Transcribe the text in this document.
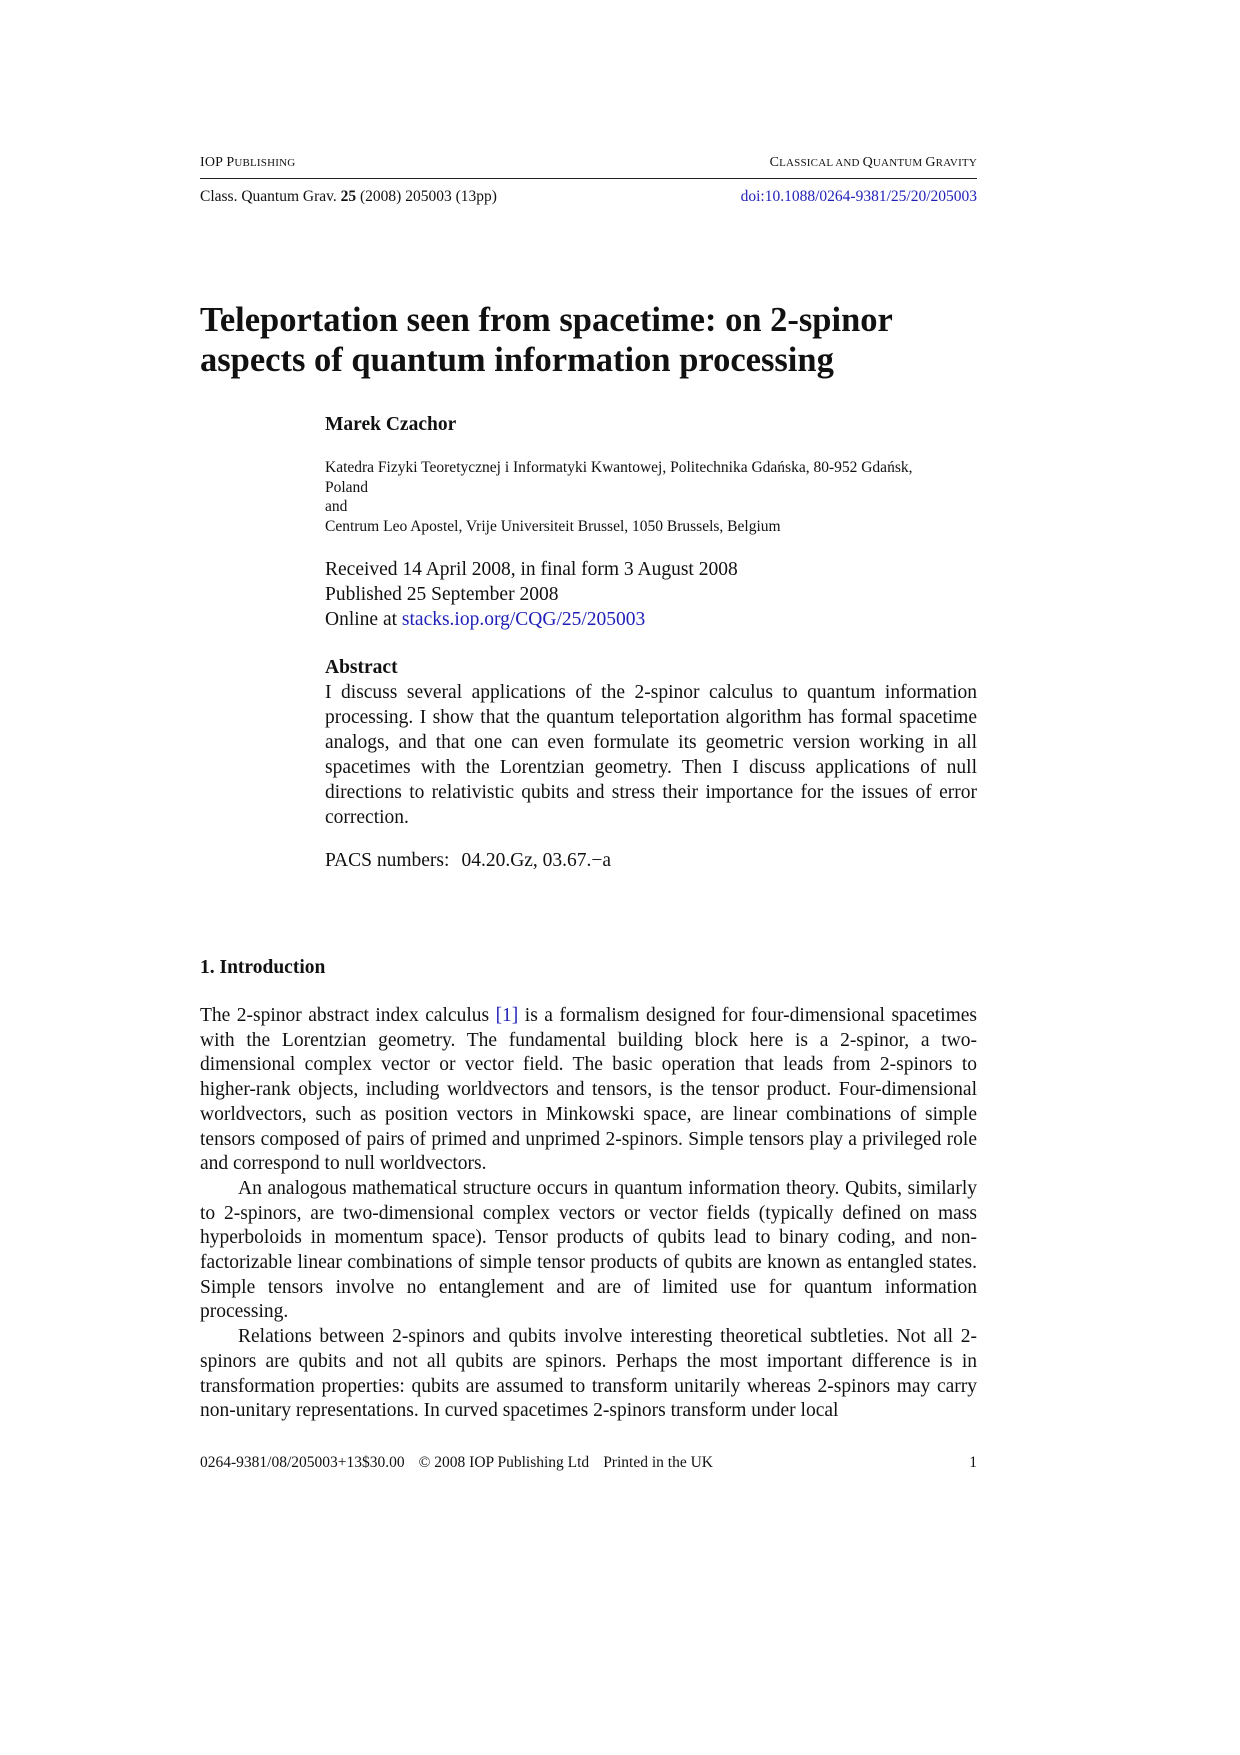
IOP PUBLISHING	CLASSICAL AND QUANTUM GRAVITY
Class. Quantum Grav. 25 (2008) 205003 (13pp)	doi:10.1088/0264-9381/25/20/205003
Teleportation seen from spacetime: on 2-spinor
aspects of quantum information processing
Marek Czachor
Katedra Fizyki Teoretycznej i Informatyki Kwantowej, Politechnika Gdańska, 80-952 Gdańsk,
Poland
and
Centrum Leo Apostel, Vrije Universiteit Brussel, 1050 Brussels, Belgium
Received 14 April 2008, in final form 3 August 2008
Published 25 September 2008
Online at stacks.iop.org/CQG/25/205003
Abstract

I discuss several applications of the 2-spinor calculus to quantum information processing. I show that the quantum teleportation algorithm has formal spacetime analogs, and that one can even formulate its geometric version working in all spacetimes with the Lorentzian geometry. Then I discuss applications of null directions to relativistic qubits and stress their importance for the issues of error correction.

PACS numbers: 04.20.Gz, 03.67.−a
1. Introduction

The 2-spinor abstract index calculus [1] is a formalism designed for four-dimensional spacetimes with the Lorentzian geometry. The fundamental building block here is a 2-spinor, a two-dimensional complex vector or vector field. The basic operation that leads from 2-spinors to higher-rank objects, including worldvectors and tensors, is the tensor product. Four-dimensional worldvectors, such as position vectors in Minkowski space, are linear combinations of simple tensors composed of pairs of primed and unprimed 2-spinors. Simple tensors play a privileged role and correspond to null worldvectors.

An analogous mathematical structure occurs in quantum information theory. Qubits, similarly to 2-spinors, are two-dimensional complex vectors or vector fields (typically defined on mass hyperboloids in momentum space). Tensor products of qubits lead to binary coding, and non-factorizable linear combinations of simple tensor products of qubits are known as entangled states. Simple tensors involve no entanglement and are of limited use for quantum information processing.

Relations between 2-spinors and qubits involve interesting theoretical subtleties. Not all 2-spinors are qubits and not all qubits are spinors. Perhaps the most important difference is in transformation properties: qubits are assumed to transform unitarily whereas 2-spinors may carry non-unitary representations. In curved spacetimes 2-spinors transform under local

0264-9381/08/205003+13$30.00 © 2008 IOP Publishing Ltd Printed in the UK	1
